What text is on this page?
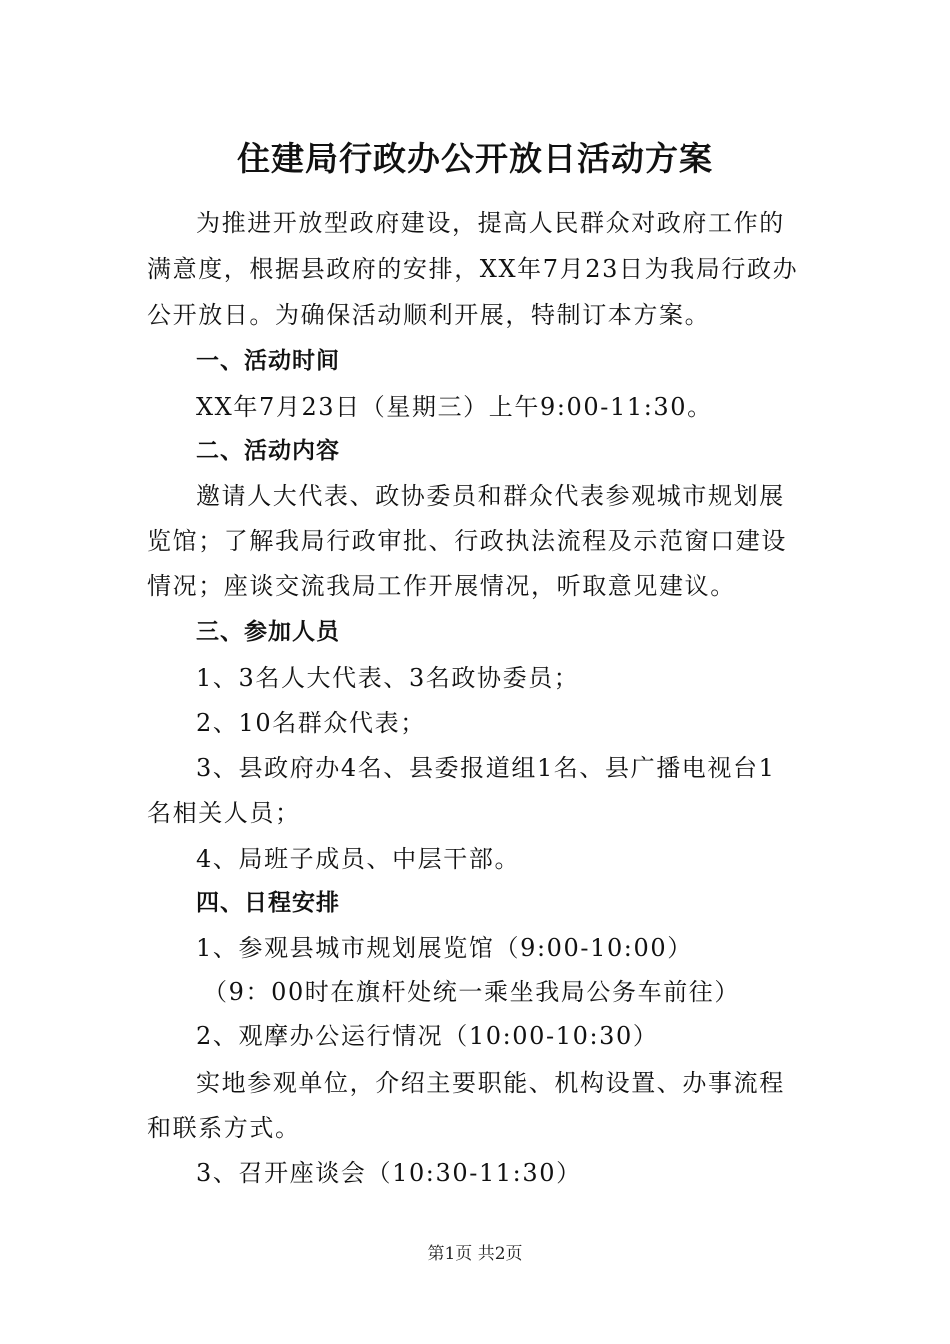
住建局行政办公开放日活动方案
为推进开放型政府建设，提高人民群众对政府工作的
满意度，根据县政府的安排，XX年7月23日为我局行政办
公开放日。为确保活动顺利开展，特制订本方案。
一、活动时间
XX年7月23日（星期三）上午9:00-11:30。
二、活动内容
邀请人大代表、政协委员和群众代表参观城市规划展
览馆；了解我局行政审批、行政执法流程及示范窗口建设
情况；座谈交流我局工作开展情况，听取意见建议。
三、参加人员
1、3名人大代表、3名政协委员；
2、10名群众代表；
3、县政府办4名、县委报道组1名、县广播电视台1
名相关人员；
4、局班子成员、中层干部。
四、日程安排
1、参观县城市规划展览馆（9:00-10:00）
（9：00时在旗杆处统一乘坐我局公务车前往）
2、观摩办公运行情况（10:00-10:30）
实地参观单位，介绍主要职能、机构设置、办事流程
和联系方式。
3、召开座谈会（10:30-11:30）
第1页 共2页
